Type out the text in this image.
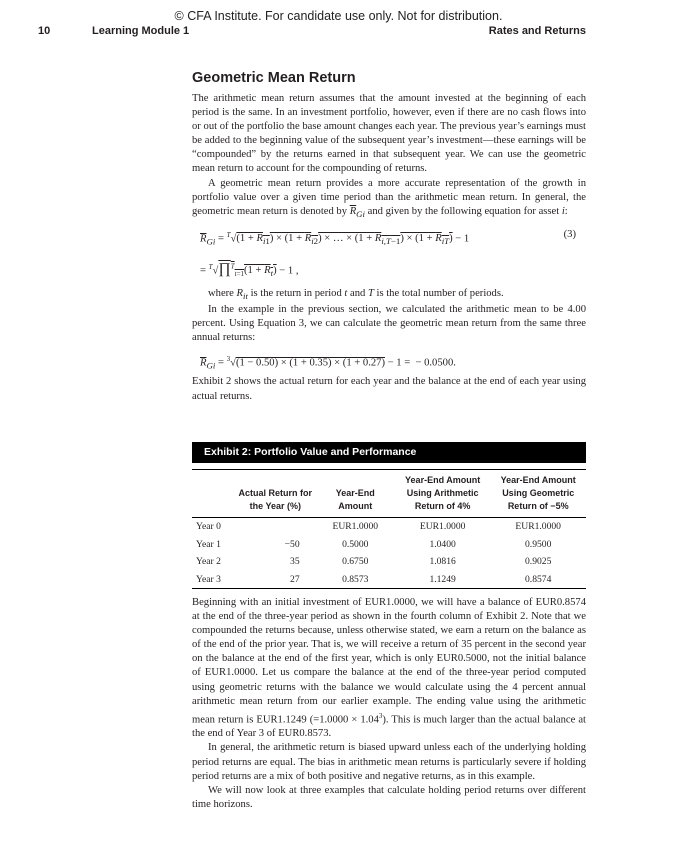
© CFA Institute. For candidate use only. Not for distribution.
10	Learning Module 1	Rates and Returns
Geometric Mean Return

The arithmetic mean return assumes that the amount invested at the beginning of each period is the same. In an investment portfolio, however, even if there are no cash flows into or out of the portfolio the base amount changes each year. The previous year’s earnings must be added to the beginning value of the subsequent year’s investment—these earnings will be “compounded” by the returns earned in that subsequent year. We can use the geometric mean return to account for the compounding of returns.

A geometric mean return provides a more accurate representation of the growth in portfolio value over a given time period than the arithmetic mean return. In general, the geometric mean return is denoted by $\overline{R}_{Gi}$ and given by the following equation for asset i:

$\overline{R}_{Gi} = ^T√(1 + R_{i1}) \times (1 + R_{i2})$ × … × $(1 + R_{i,T-1}) \times (1 + R_{iT}) - 1$	(3)
= $^T$√∏$^T_{t=1}$(1 + $R_t) - 1$ ,

where $R_{it}$ is the return in period t and T is the total number of periods.

In the example in the previous section, we calculated the arithmetic mean to be 4.00 percent. Using Equation 3, we can calculate the geometric mean return from the same three annual returns:

$\overline{R}_{Gi} = ^3√(1 - 0.50) \times (1 + 0.35) \times (1 + 0.27) - 1$ =  − 0.0500.

Exhibit 2 shows the actual return for each year and the balance at the end of each year using actual returns.

Exhibit 2: Portfolio Value and Performance
	Actual Return for the Year (%)	Year-End Amount	Year-End Amount Using Arithmetic Return of 4%	Year-End Amount Using Geometric Return of −5%
Year 0		EUR1.0000	EUR1.0000	EUR1.0000
Year 1	−50	0.5000	1.0400	0.9500
Year 2	35	0.6750	1.0816	0.9025
Year 3	27	0.8573	1.1249	0.8574

Beginning with an initial investment of EUR1.0000, we will have a balance of EUR0.8574 at the end of the three-year period as shown in the fourth column of Exhibit 2. Note that we compounded the returns because, unless otherwise stated, we earn a return on the balance as of the end of the prior year. That is, we will receive a return of 35 percent in the second year on the balance at the end of the first year, which is only EUR0.5000, not the initial balance of EUR1.0000. Let us compare the balance at the end of the three-year period computed using geometric returns with the balance we would calculate using the 4 percent annual arithmetic mean return from our earlier example. The ending value using the arithmetic mean return is EUR1.1249 $(=1.0000 \times 1.04^3)$. This is much larger than the actual balance at the end of Year 3 of EUR0.8573.

In general, the arithmetic return is biased upward unless each of the underlying holding period returns are equal. The bias in arithmetic mean returns is particularly severe if holding period returns are a mix of both positive and negative returns, as in this example.

We will now look at three examples that calculate holding period returns over different time horizons.
